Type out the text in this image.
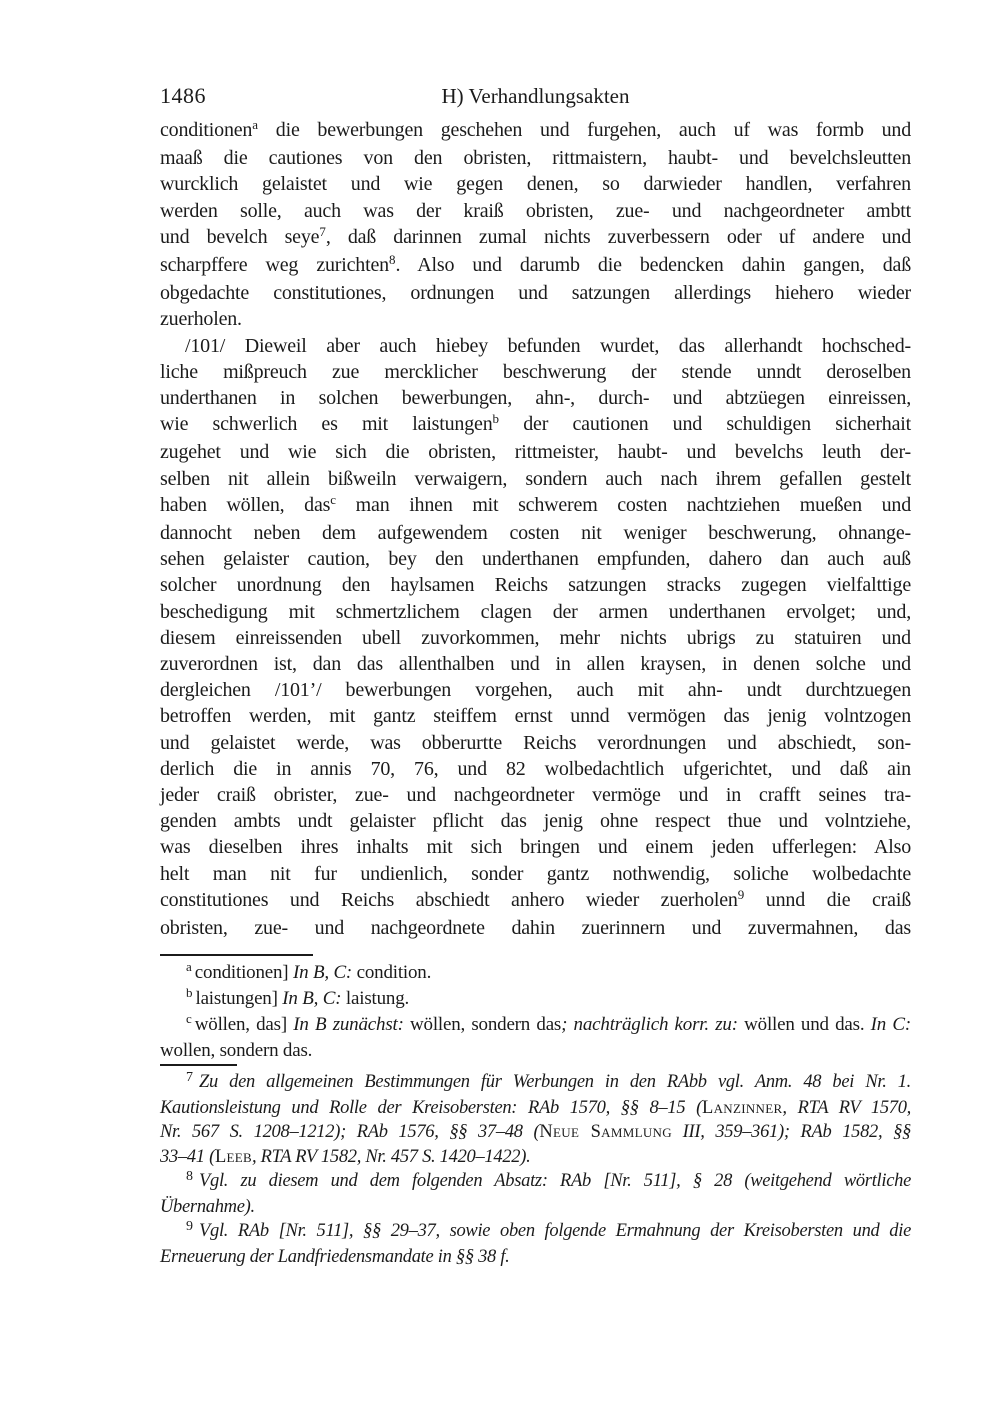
1486	H) Verhandlungsakten
conditionen$^a$ die bewerbungen geschehen und furgehen, auch uf was formb und
maaß die cautiones von den obristen, rittmaistern, haubt- und bevelchsleutten
wurcklich gelaistet und wie gegen denen, so darwieder handlen, verfahren
werden solle, auch was der kraiß obristen, zue- und nachgeordneter ambtt
und bevelch seye$^7$, daß darinnen zumal nichts zuverbessern oder uf andere und
scharpffere weg zurichten$^8$. Also und darumb die bedencken dahin gangen, daß
obgedachte constitutiones, ordnungen und satzungen allerdings hiehero wieder
zuerholen.
/101/ Dieweil aber auch hiebey befunden wurdet, das allerhandt hochsched-
liche mißpreuch zue mercklicher beschwerung der stende unndt deroselben
underthanen in solchen bewerbungen, ahn-, durch- und abtzüegen einreissen,
wie schwerlich es mit laistungen$^b$ der cautionen und schuldigen sicherhait
zugehet und wie sich die obristen, rittmeister, haubt- und bevelchs leuth der-
selben nit allein bißweiln verwaigern, sondern auch nach ihrem gefallen gestelt
haben wöllen, das$^c$ man ihnen mit schwerem costen nachtziehen mueßen und
dannocht neben dem aufgewendem costen nit weniger beschwerung, ohnange-
sehen gelaister caution, bey den underthanen empfunden, dahero dan auch auß
solcher unordnung den haylsamen Reichs satzungen stracks zugegen vielfalttige
beschedigung mit schmertzlichem clagen der armen underthanen ervolget; und,
diesem einreissenden ubell zuvorkommen, mehr nichts ubrigs zu statuiren und
zuverordnen ist, dan das allenthalben und in allen kraysen, in denen solche und
dergleichen /101’/ bewerbungen vorgehen, auch mit ahn- undt durchtzuegen
betroffen werden, mit gantz steiffem ernst unnd vermögen das jenig volntzogen
und gelaistet werde, was obberurtte Reichs verordnungen und abschiedt, son-
derlich die in annis 70, 76, und 82 wolbedachtlich ufgerichtet, und daß ain
jeder craiß obrister, zue- und nachgeordneter vermöge und in crafft seines tra-
genden ambts undt gelaister pflicht das jenig ohne respect thue und volntziehe,
was dieselben ihres inhalts mit sich bringen und einem jeden ufferlegen: Also
helt man nit fur undienlich, sonder gantz nothwendig, soliche wolbedachte
constitutiones und Reichs abschiedt anhero wieder zuerholen$^9$ unnd die craiß
obristen, zue- und nachgeordnete dahin zuerinnern und zuvermahnen, das
$^a$ conditionen] In B, C: condition.
$^b$ laistungen] In B, C: laistung.
$^c$ wöllen, das] In B zunächst: wöllen, sondern das; nachträglich korr. zu: wöllen und das. In C:
wollen, sondern das.
$^7$ Zu den allgemeinen Bestimmungen für Werbungen in den RAbb vgl. Anm. 48 bei Nr. 1.
Kautionsleistung und Rolle der Kreisobersten: RAb 1570, §§ 8–15 (Lanzinner, RTA RV 1570,
Nr. 567 S. 1208–1212); RAb 1576, §§ 37–48 (Neue Sammlung III, 359–361); RAb 1582, §§
33–41 (Leeb, RTA RV 1582, Nr. 457 S. 1420–1422).
$^8$ Vgl. zu diesem und dem folgenden Absatz: RAb [Nr. 511], § 28 (weitgehend wörtliche
Übernahme).
$^9$ Vgl. RAb [Nr. 511], §§ 29–37, sowie oben folgende Ermahnung der Kreisobersten und die
Erneuerung der Landfriedensmandate in §§ 38 f.
